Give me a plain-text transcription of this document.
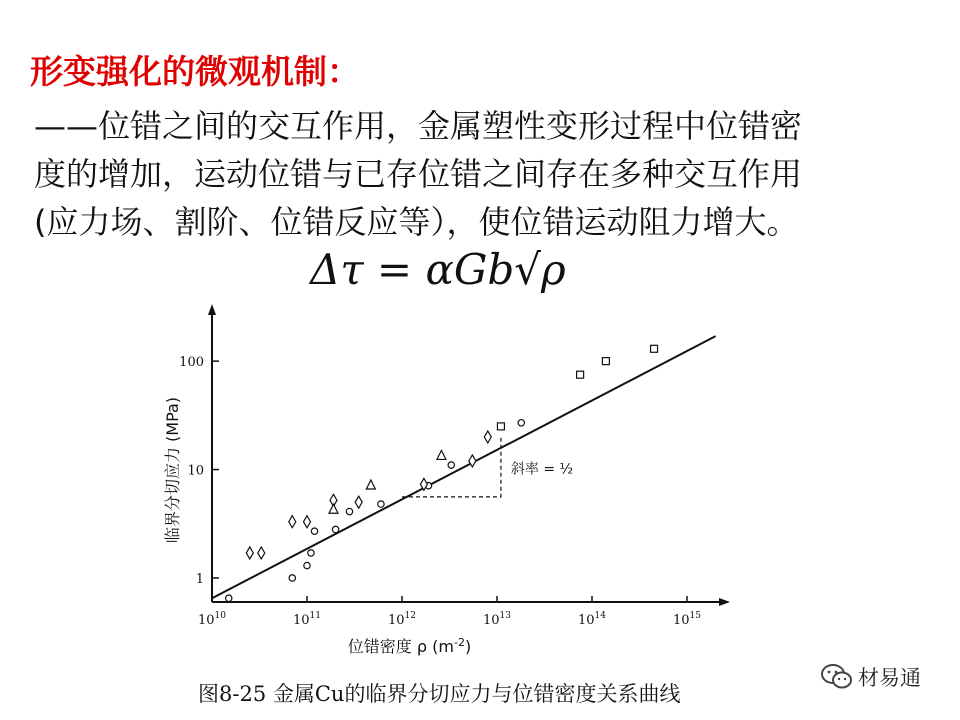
形变强化的微观机制：
——位错之间的交互作用，金属塑性变形过程中位错密
度的增加，运动位错与已存位错之间存在多种交互作用
(应力场、割阶、位错反应等），使位错运动阻力增大。
Δτ = αGb√ρ
$10^{10}$	$10^{11}$	$10^{12}$	$10^{13}$	$10^{14}$	$10^{15}$
1
10
100
位错密度 ρ $(m^{-2})$
临界分切应力 (MPa)	斜率 = ½

图8-25 金属Cu的临界分切应力与位错密度关系曲线

材易通
